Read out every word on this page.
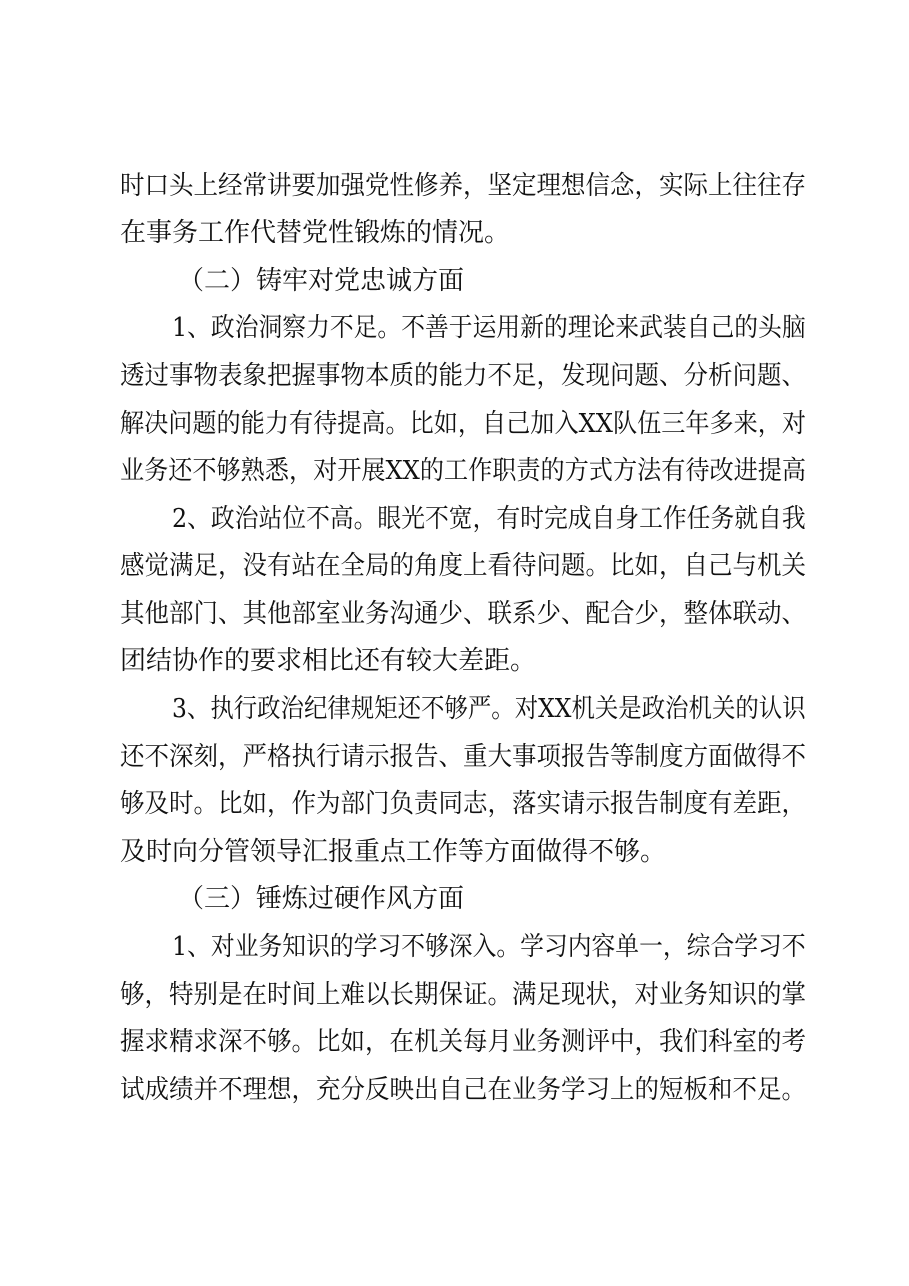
时口头上经常讲要加强党性修养，坚定理想信念，实际上往往存
在事务工作代替党性锻炼的情况。
（二）铸牢对党忠诚方面
1、政治洞察力不足。不善于运用新的理论来武装自己的头脑
透过事物表象把握事物本质的能力不足，发现问题、分析问题、
解决问题的能力有待提高。比如，自己加入XX队伍三年多来，对
业务还不够熟悉，对开展XX的工作职责的方式方法有待改进提高
2、政治站位不高。眼光不宽，有时完成自身工作任务就自我
感觉满足，没有站在全局的角度上看待问题。比如，自己与机关
其他部门、其他部室业务沟通少、联系少、配合少，整体联动、
团结协作的要求相比还有较大差距。
3、执行政治纪律规矩还不够严。对XX机关是政治机关的认识
还不深刻，严格执行请示报告、重大事项报告等制度方面做得不
够及时。比如，作为部门负责同志，落实请示报告制度有差距，
及时向分管领导汇报重点工作等方面做得不够。
（三）锤炼过硬作风方面
1、对业务知识的学习不够深入。学习内容单一，综合学习不
够，特别是在时间上难以长期保证。满足现状，对业务知识的掌
握求精求深不够。比如，在机关每月业务测评中，我们科室的考
试成绩并不理想，充分反映出自己在业务学习上的短板和不足。
